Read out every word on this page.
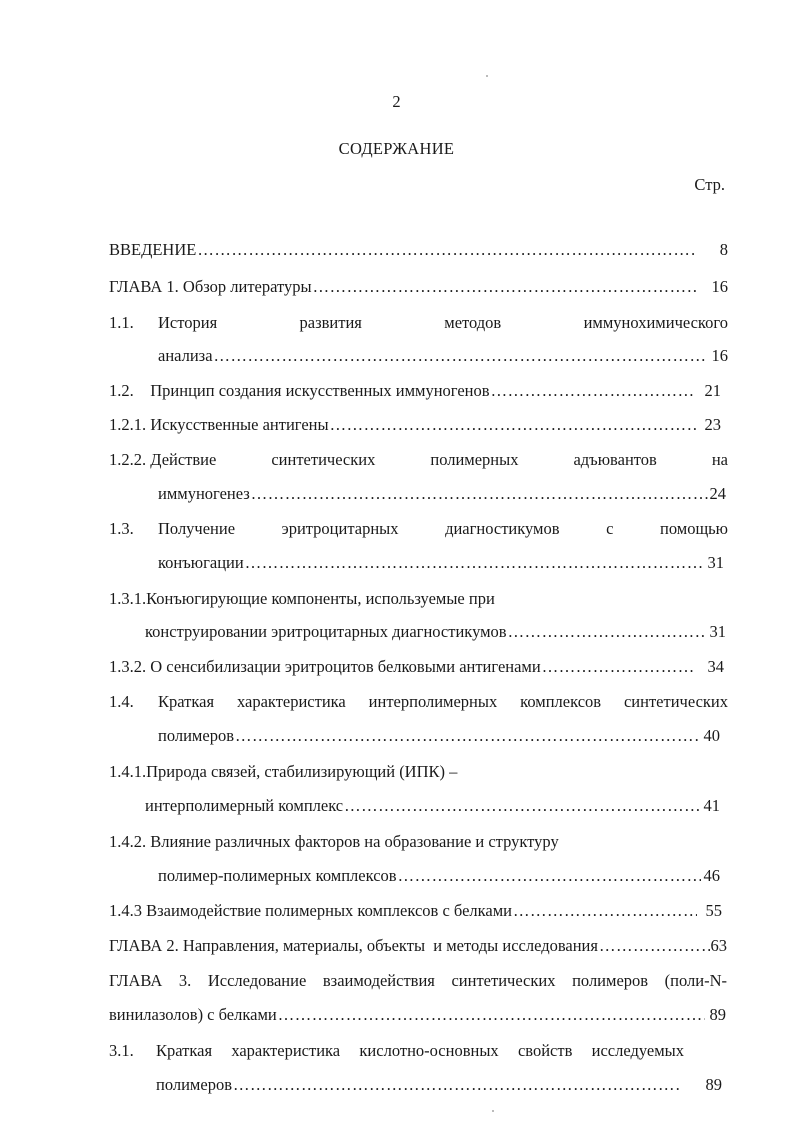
2
СОДЕРЖАНИЕ
Стр.
ВВЕДЕНИЕ ………………………………………………………………………………………………………………………………………………	8
ГЛАВА 1. Обзор литературы ………………………………………………………………………………………………………………………………………………	16
1.1. История	развития	методов	иммунохимического
анализа ………………………………………………………………………………………………………………………………………………	16
1.2.    Принцип создания искусственных иммуногенов ………………………………………………………………………………………………………………………………………………	21
1.2.1. Искусственные антигены ………………………………………………………………………………………………………………………………………………	23
1.2.2. Действие	синтетических	полимерных	адъювантов	на
иммуногенез ………………………………………………………………………………………………………………………………………………	24
1.3. Получение	эритроцитарных	диагностикумов	с	помощью
конъюгации ………………………………………………………………………………………………………………………………………………	31
1.3.1.Конъюгирующие компоненты, используемые при
конструировании эритроцитарных диагностикумов ………………………………………………………………………………………………………………………………………………	31
1.3.2. О сенсибилизации эритроцитов белковыми антигенами ………………………………………………………………………………………………………………………………………………	34
1.4. Краткая характеристика интерполимерных комплексов синтетических
полимеров ………………………………………………………………………………………………………………………………………………	40
1.4.1.Природа связей, стабилизирующий (ИПК) –
интерполимерный комплекс ………………………………………………………………………………………………………………………………………………	41
1.4.2. Влияние различных факторов на образование и структуру
полимер-полимерных комплексов ………………………………………………………………………………………………………………………………………………	46
1.4.3 Взаимодействие полимерных комплексов с белками ………………………………………………………………………………………………………………………………………………	55
ГЛАВА 2. Направления, материалы, объекты  и методы исследования ………………………………………………………………………………………………………………………………………………	63
ГЛАВА 3. Исследование взаимодействия синтетических полимеров (поли-N-
винилазолов) с белками ………………………………………………………………………………………………………………………………………………	89
3.1. Краткая характеристика кислотно-основных свойств исследуемых
полимеров ………………………………………………………………………………………………………………………………………………	89
